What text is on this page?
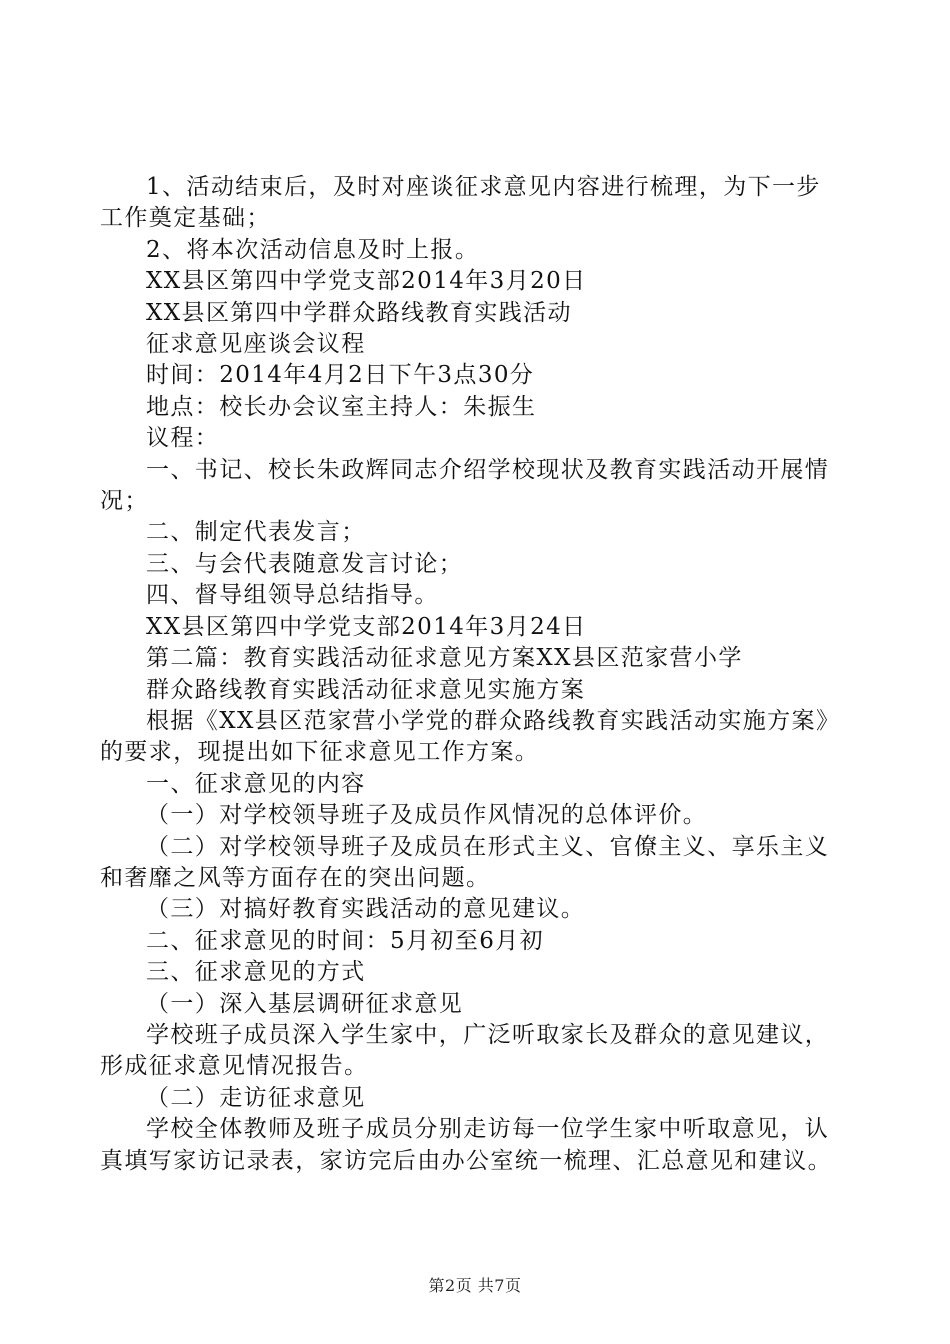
1、活动结束后，及时对座谈征求意见内容进行梳理，为下一步工作奠定基础；

2、将本次活动信息及时上报。

XX县区第四中学党支部2014年3月20日

XX县区第四中学群众路线教育实践活动

征求意见座谈会议程

时间：2014年4月2日下午3点30分

地点：校长办会议室主持人：朱振生

议程：

一、书记、校长朱政辉同志介绍学校现状及教育实践活动开展情况；

二、制定代表发言；

三、与会代表随意发言讨论；

四、督导组领导总结指导。

XX县区第四中学党支部2014年3月24日

第二篇：教育实践活动征求意见方案XX县区范家营小学

群众路线教育实践活动征求意见实施方案

根据《XX县区范家营小学党的群众路线教育实践活动实施方案》的要求，现提出如下征求意见工作方案。

一、征求意见的内容

（一）对学校领导班子及成员作风情况的总体评价。

（二）对学校领导班子及成员在形式主义、官僚主义、享乐主义和奢靡之风等方面存在的突出问题。

（三）对搞好教育实践活动的意见建议。

二、征求意见的时间：5月初至6月初

三、征求意见的方式

（一）深入基层调研征求意见

学校班子成员深入学生家中，广泛听取家长及群众的意见建议，形成征求意见情况报告。

（二）走访征求意见

学校全体教师及班子成员分别走访每一位学生家中听取意见，认真填写家访记录表，家访完后由办公室统一梳理、汇总意见和建议。

第2页 共7页
